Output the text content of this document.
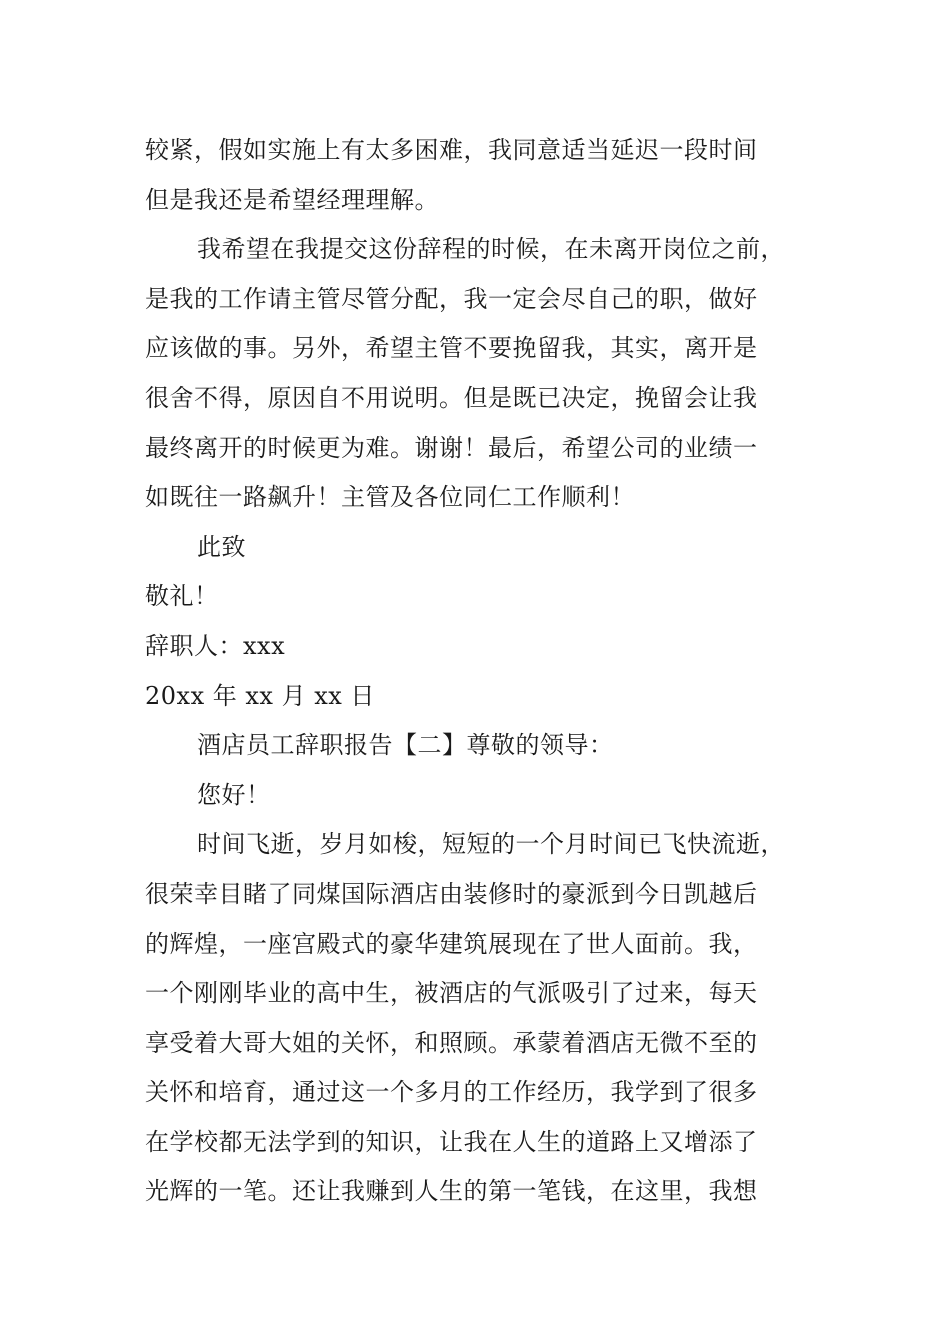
较紧，假如实施上有太多困难，我同意适当延迟一段时间
但是我还是希望经理理解。
我希望在我提交这份辞程的时候，在未离开岗位之前，
是我的工作请主管尽管分配，我一定会尽自己的职，做好
应该做的事。另外，希望主管不要挽留我，其实，离开是
很舍不得，原因自不用说明。但是既已决定，挽留会让我
最终离开的时候更为难。谢谢！最后，希望公司的业绩一
如既往一路飙升！主管及各位同仁工作顺利！
此致
敬礼！
辞职人：xxx
20xx 年 xx 月 xx 日
酒店员工辞职报告【二】尊敬的领导：
您好！
时间飞逝，岁月如梭，短短的一个月时间已飞快流逝，
很荣幸目睹了同煤国际酒店由装修时的豪派到今日凯越后
的辉煌，一座宫殿式的豪华建筑展现在了世人面前。我，
一个刚刚毕业的高中生，被酒店的气派吸引了过来，每天
享受着大哥大姐的关怀，和照顾。承蒙着酒店无微不至的
关怀和培育，通过这一个多月的工作经历，我学到了很多
在学校都无法学到的知识，让我在人生的道路上又增添了
光辉的一笔。还让我赚到人生的第一笔钱，在这里，我想
